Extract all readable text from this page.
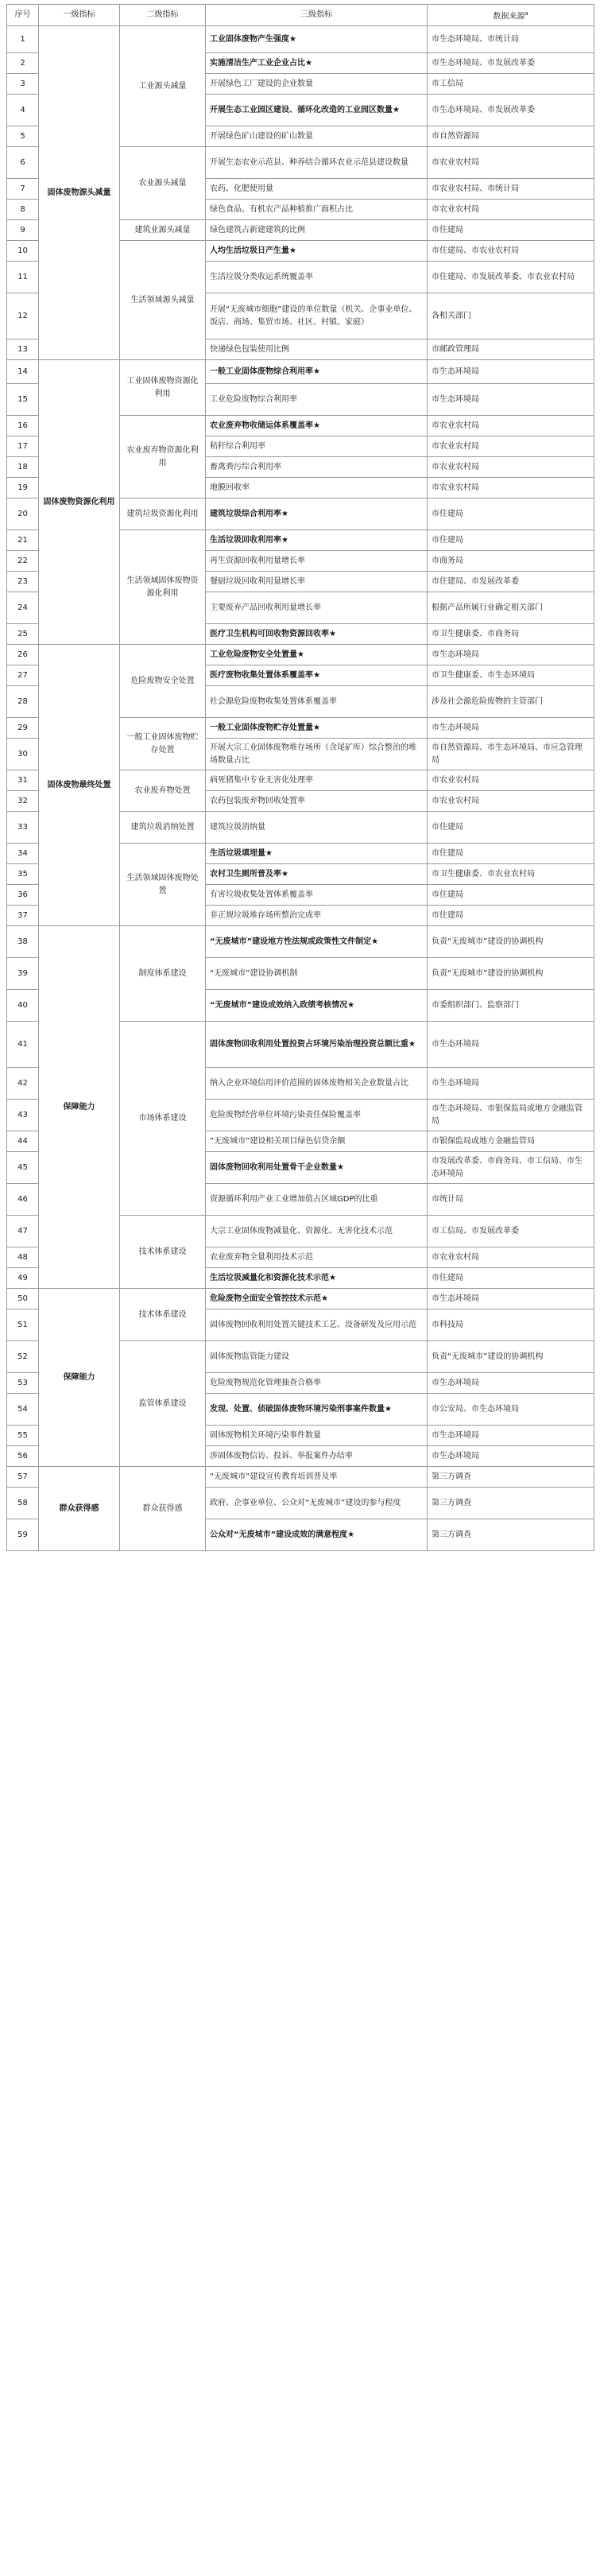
序号	一级指标	二级指标	三级指标	数据来源$^a$
1	固体废物源头减量	工业源头减量	工业固体废物产生强度★	市生态环境局、市统计局
2			实施清洁生产工业企业占比★	市生态环境局、市发展改革委
3			开展绿色工厂建设的企业数量	市工信局
4			开展生态工业园区建设、循环化改造的工业园区数量★	市生态环境局、市发展改革委
5			开展绿色矿山建设的矿山数量	市自然资源局
6		农业源头减量	开展生态农业示范县、种养结合循环农业示范县建设数量	市农业农村局
7			农药、化肥使用量	市农业农村局、市统计局
8			绿色食品、有机农产品种植推广面积占比	市农业农村局
9		建筑业源头减量	绿色建筑占新建建筑的比例	市住建局
10		生活领域源头减量	人均生活垃圾日产生量★	市住建局、市农业农村局
11			生活垃圾分类收运系统覆盖率	市住建局、市发展改革委、市农业农村局
12			开展“无废城市细胞”建设的单位数量（机关、企事业单位、饭店、商场、集贸市场、社区、村镇、家庭）	各相关部门
13			快递绿色包装使用比例	市邮政管理局
14	固体废物资源化利用	工业固体废物资源化利用	一般工业固体废物综合利用率★	市生态环境局
15			工业危险废物综合利用率	市生态环境局
16		农业废弃物资源化利用	农业废弃物收储运体系覆盖率★	市农业农村局
17			秸秆综合利用率	市农业农村局
18			畜禽粪污综合利用率	市农业农村局
19			地膜回收率	市农业农村局
20		建筑垃圾资源化利用	建筑垃圾综合利用率★	市住建局
21		生活领域固体废物资源化利用	生活垃圾回收利用率★	市住建局
22			再生资源回收利用量增长率	市商务局
23			餐厨垃圾回收利用量增长率	市住建局、市发展改革委
24			主要废弃产品回收利用量增长率	根据产品所属行业确定相关部门
25			医疗卫生机构可回收物资源回收率★	市卫生健康委、市商务局
26	固体废物最终处置	危险废物安全处置	工业危险废物安全处置量★	市生态环境局
27			医疗废物收集处置体系覆盖率★	市卫生健康委、市生态环境局
28			社会源危险废物收集处置体系覆盖率	涉及社会源危险废物的主管部门
29		一般工业固体废物贮存处置	一般工业固体废物贮存处置量★	市生态环境局
30			开展大宗工业固体废物堆存场所（含尾矿库）综合整治的堆场数量占比	市自然资源局、市生态环境局、市应急管理局
31		农业废弃物处置	病死猪集中专业无害化处理率	市农业农村局
32			农药包装废弃物回收处置率	市农业农村局
33		建筑垃圾消纳处置	建筑垃圾消纳量	市住建局
34		生活领域固体废物处置	生活垃圾填埋量★	市住建局
35			农村卫生厕所普及率★	市卫生健康委、市农业农村局
36			有害垃圾收集处置体系覆盖率	市住建局
37			非正规垃圾堆存场所整治完成率	市住建局
38	保障能力	制度体系建设	“无废城市”建设地方性法规或政策性文件制定★	负责“无废城市”建设的协调机构
39			“无废城市”建设协调机制	负责“无废城市”建设的协调机构
40			“无废城市”建设成效纳入政绩考核情况★	市委组织部门、监察部门
41		市场体系建设	固体废物回收利用处置投资占环境污染治理投资总额比重★	市生态环境局
42			纳入企业环境信用评价范围的固体废物相关企业数量占比	市生态环境局
43			危险废物经营单位环境污染责任保险覆盖率	市生态环境局、市银保监局或地方金融监管局
44			“无废城市”建设相关项目绿色信贷余额	市银保监局或地方金融监管局
45			固体废物回收利用处置骨干企业数量★	市发展改革委、市商务局、市工信局、市生态环境局
46			资源循环利用产业工业增加值占区域GDP的比重	市统计局
47		技术体系建设	大宗工业固体废物减量化、资源化、无害化技术示范	市工信局、市发展改革委
48			农业废弃物全量利用技术示范	市农业农村局
49			生活垃圾减量化和资源化技术示范★	市住建局
50	保障能力	技术体系建设	危险废物全面安全管控技术示范★	市生态环境局
51			固体废物回收利用处置关键技术工艺、设备研发及应用示范	市科技局
52		监管体系建设	固体废物监管能力建设	负责“无废城市”建设的协调机构
53			危险废物规范化管理抽查合格率	市生态环境局
54			发现、处置、侦破固体废物环境污染刑事案件数量★	市公安局、市生态环境局
55			固体废物相关环境污染事件数量	市生态环境局
56			涉固体废物信访、投诉、举报案件办结率	市生态环境局
57	群众获得感	群众获得感	“无废城市”建设宣传教育培训普及率	第三方调查
58			政府、企事业单位、公众对“无废城市”建设的参与程度	第三方调查
59			公众对“无废城市”建设成效的满意程度★	第三方调查
